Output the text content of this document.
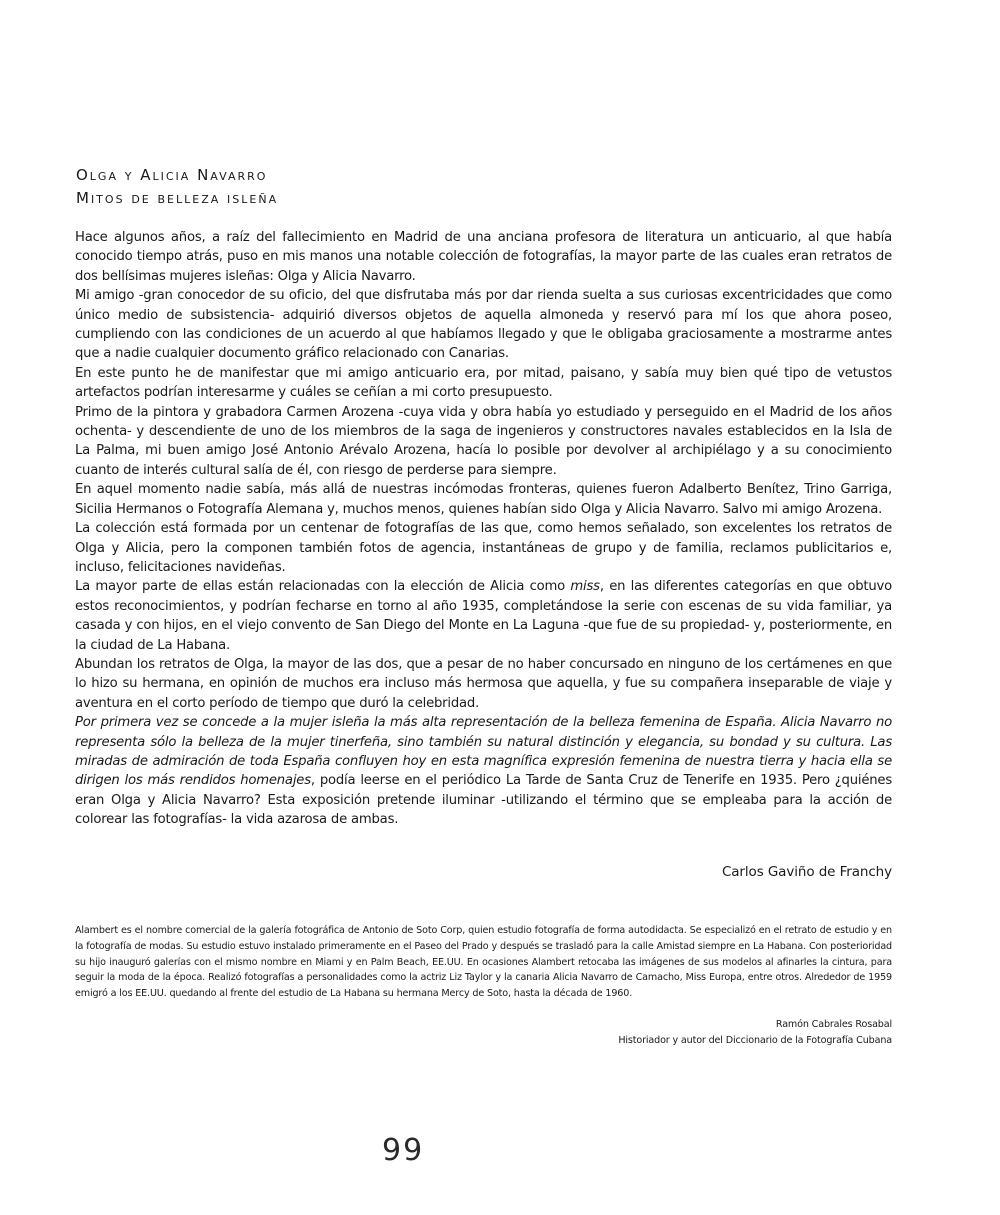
Olga y Alicia Navarro
Mitos de belleza isleña

Hace algunos años, a raíz del fallecimiento en Madrid de una anciana profesora de literatura un anticuario, al que había conocido tiempo atrás, puso en mis manos una notable colección de fotografías, la mayor parte de las cuales eran retratos de dos bellísimas mujeres isleñas: Olga y Alicia Navarro.

Mi amigo -gran conocedor de su oficio, del que disfrutaba más por dar rienda suelta a sus curiosas excentricidades que como único medio de subsistencia- adquirió diversos objetos de aquella almoneda y reservó para mí los que ahora poseo, cumpliendo con las condiciones de un acuerdo al que habíamos llegado y que le obligaba graciosamente a mostrarme antes que a nadie cualquier documento gráfico relacionado con Canarias.

En este punto he de manifestar que mi amigo anticuario era, por mitad, paisano, y sabía muy bien qué tipo de vetustos artefactos podrían interesarme y cuáles se ceñían a mi corto presupuesto.

Primo de la pintora y grabadora Carmen Arozena -cuya vida y obra había yo estudiado y perseguido en el Madrid de los años ochenta- y descendiente de uno de los miembros de la saga de ingenieros y constructores navales establecidos en la Isla de La Palma, mi buen amigo José Antonio Arévalo Arozena, hacía lo posible por devolver al archipiélago y a su conocimiento cuanto de interés cultural salía de él, con riesgo de perderse para siempre.

En aquel momento nadie sabía, más allá de nuestras incómodas fronteras, quienes fueron Adalberto Benítez, Trino Garriga, Sicilia Hermanos o Fotografía Alemana y, muchos menos, quienes habían sido Olga y Alicia Navarro. Salvo mi amigo Arozena.

La colección está formada por un centenar de fotografías de las que, como hemos señalado, son excelentes los retratos de Olga y Alicia, pero la componen también fotos de agencia, instantáneas de grupo y de familia, reclamos publicitarios e, incluso, felicitaciones navideñas.

La mayor parte de ellas están relacionadas con la elección de Alicia como miss, en las diferentes categorías en que obtuvo estos reconocimientos, y podrían fecharse en torno al año 1935, completándose la serie con escenas de su vida familiar, ya casada y con hijos, en el viejo convento de San Diego del Monte en La Laguna -que fue de su propiedad- y, posteriormente, en la ciudad de La Habana.

Abundan los retratos de Olga, la mayor de las dos, que a pesar de no haber concursado en ninguno de los certámenes en que lo hizo su hermana, en opinión de muchos era incluso más hermosa que aquella, y fue su compañera inseparable de viaje y aventura en el corto período de tiempo que duró la celebridad.

Por primera vez se concede a la mujer isleña la más alta representación de la belleza femenina de España. Alicia Navarro no representa sólo la belleza de la mujer tinerfeña, sino también su natural distinción y elegancia, su bondad y su cultura. Las miradas de admiración de toda España confluyen hoy en esta magnífica expresión femenina de nuestra tierra y hacia ella se dirigen los más rendidos homenajes, podía leerse en el periódico La Tarde de Santa Cruz de Tenerife en 1935. Pero ¿quiénes eran Olga y Alicia Navarro? Esta exposición pretende iluminar -utilizando el término que se empleaba para la acción de colorear las fotografías- la vida azarosa de ambas.

Carlos Gaviño de Franchy
Alambert es el nombre comercial de la galería fotográfica de Antonio de Soto Corp, quien estudio fotografía de forma autodidacta. Se especializó en el retrato de estudio y en la fotografía de modas. Su estudio estuvo instalado primeramente en el Paseo del Prado y después se trasladó para la calle Amistad siempre en La Habana. Con posterioridad su hijo inauguró galerías con el mismo nombre en Miami y en Palm Beach, EE.UU. En ocasiones Alambert retocaba las imágenes de sus modelos al afinarles la cintura, para seguir la moda de la época. Realizó fotografías a personalidades como la actriz Liz Taylor y la canaria Alicia Navarro de Camacho, Miss Europa, entre otros. Alrededor de 1959 emigró a los EE.UU. quedando al frente del estudio de La Habana su hermana Mercy de Soto, hasta la década de 1960.
Ramón Cabrales Rosabal
Historiador y autor del Diccionario de la Fotografía Cubana
99
